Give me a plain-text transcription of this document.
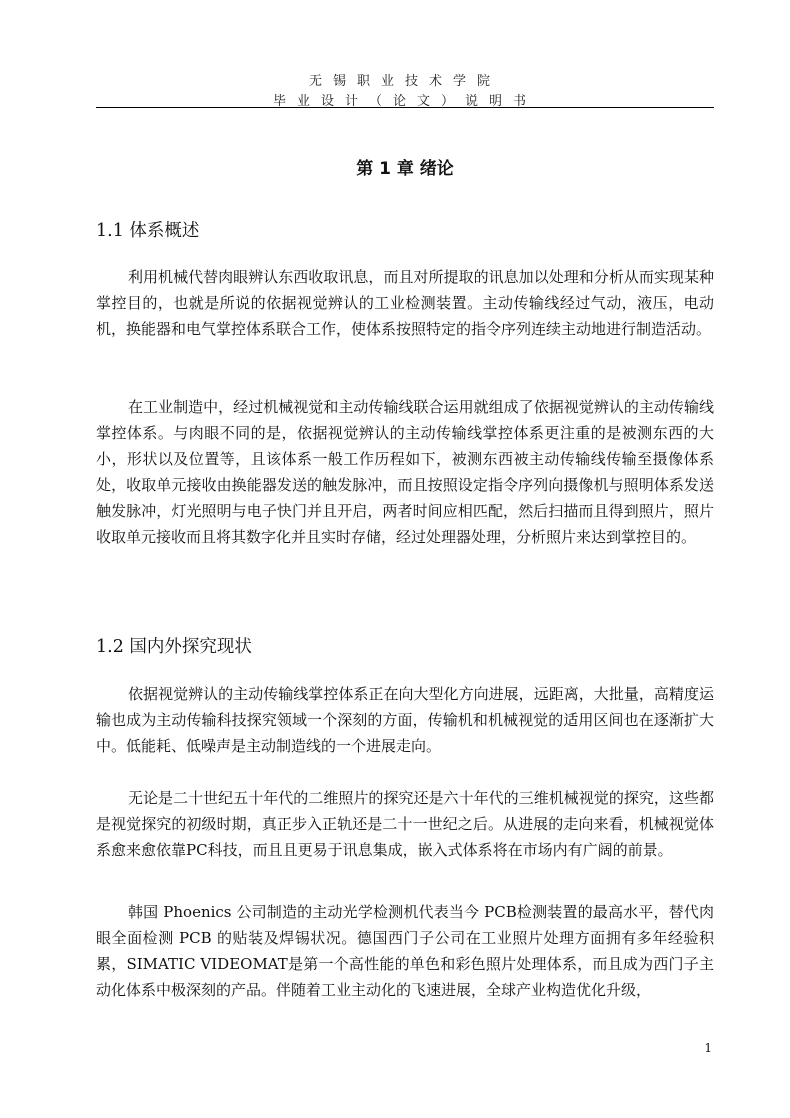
无锡职业技术学院
毕业设计（论文）说明书
第 1 章 绪论
1.1 体系概述

利用机械代替肉眼辨认东西收取讯息，而且对所提取的讯息加以处理和分析从而实现某种掌控目的，也就是所说的依据视觉辨认的工业检测装置。主动传输线经过气动，液压，电动机，换能器和电气掌控体系联合工作，使体系按照特定的指令序列连续主动地进行制造活动。

在工业制造中，经过机械视觉和主动传输线联合运用就组成了依据视觉辨认的主动传输线掌控体系。与肉眼不同的是，依据视觉辨认的主动传输线掌控体系更注重的是被测东西的大小，形状以及位置等，且该体系一般工作历程如下，被测东西被主动传输线传输至摄像体系处，收取单元接收由换能器发送的触发脉冲，而且按照设定指令序列向摄像机与照明体系发送触发脉冲，灯光照明与电子快门并且开启，两者时间应相匹配，然后扫描而且得到照片，照片收取单元接收而且将其数字化并且实时存储，经过处理器处理，分析照片来达到掌控目的。

1.2 国内外探究现状

依据视觉辨认的主动传输线掌控体系正在向大型化方向进展，远距离，大批量，高精度运输也成为主动传输科技探究领域一个深刻的方面，传输机和机械视觉的适用区间也在逐渐扩大中。低能耗、低噪声是主动制造线的一个进展走向。

无论是二十世纪五十年代的二维照片的探究还是六十年代的三维机械视觉的探究，这些都是视觉探究的初级时期，真正步入正轨还是二十一世纪之后。从进展的走向来看，机械视觉体系愈来愈依靠PC科技，而且且更易于讯息集成，嵌入式体系将在市场内有广阔的前景。

韩国 Phoenics 公司制造的主动光学检测机代表当今 PCB检测装置的最高水平，替代肉眼全面检测 PCB 的贴装及焊锡状况。德国西门子公司在工业照片处理方面拥有多年经验积累，SIMATIC VIDEOMAT是第一个高性能的单色和彩色照片处理体系，而且成为西门子主动化体系中极深刻的产品。伴随着工业主动化的飞速进展，全球产业构造优化升级，

1
